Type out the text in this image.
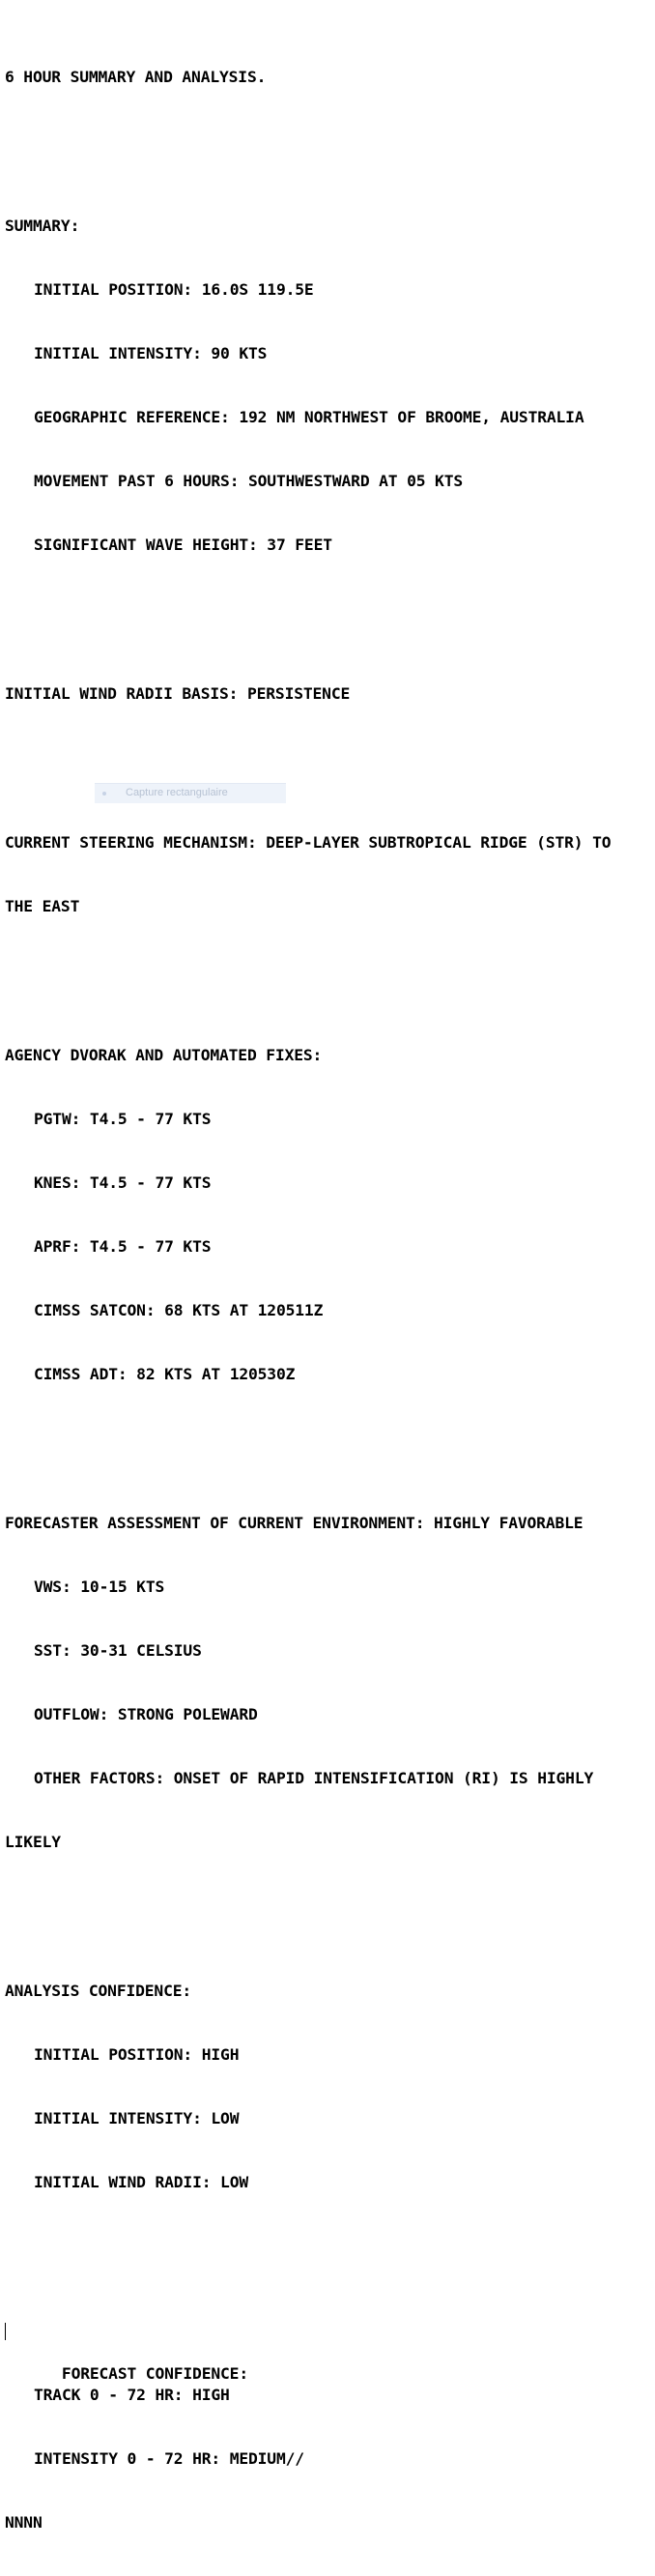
6 HOUR SUMMARY AND ANALYSIS.

SUMMARY:

INITIAL POSITION: 16.0S 119.5E

INITIAL INTENSITY: 90 KTS

GEOGRAPHIC REFERENCE: 192 NM NORTHWEST OF BROOME, AUSTRALIA

MOVEMENT PAST 6 HOURS: SOUTHWESTWARD AT 05 KTS

SIGNIFICANT WAVE HEIGHT: 37 FEET

INITIAL WIND RADII BASIS: PERSISTENCE

CURRENT STEERING MECHANISM: DEEP-LAYER SUBTROPICAL RIDGE (STR) TO

THE EAST

AGENCY DVORAK AND AUTOMATED FIXES:

PGTW: T4.5 - 77 KTS

KNES: T4.5 - 77 KTS

APRF: T4.5 - 77 KTS

CIMSS SATCON: 68 KTS AT 120511Z

CIMSS ADT: 82 KTS AT 120530Z

FORECASTER ASSESSMENT OF CURRENT ENVIRONMENT: HIGHLY FAVORABLE

VWS: 10-15 KTS

SST: 30-31 CELSIUS

OUTFLOW: STRONG POLEWARD

OTHER FACTORS: ONSET OF RAPID INTENSIFICATION (RI) IS HIGHLY

LIKELY

ANALYSIS CONFIDENCE:

INITIAL POSITION: HIGH

INITIAL INTENSITY: LOW

INITIAL WIND RADII: LOW

FORECAST CONFIDENCE:

TRACK 0 - 72 HR: HIGH

INTENSITY 0 - 72 HR: MEDIUM//

NNNN

Capture rectangulaire
